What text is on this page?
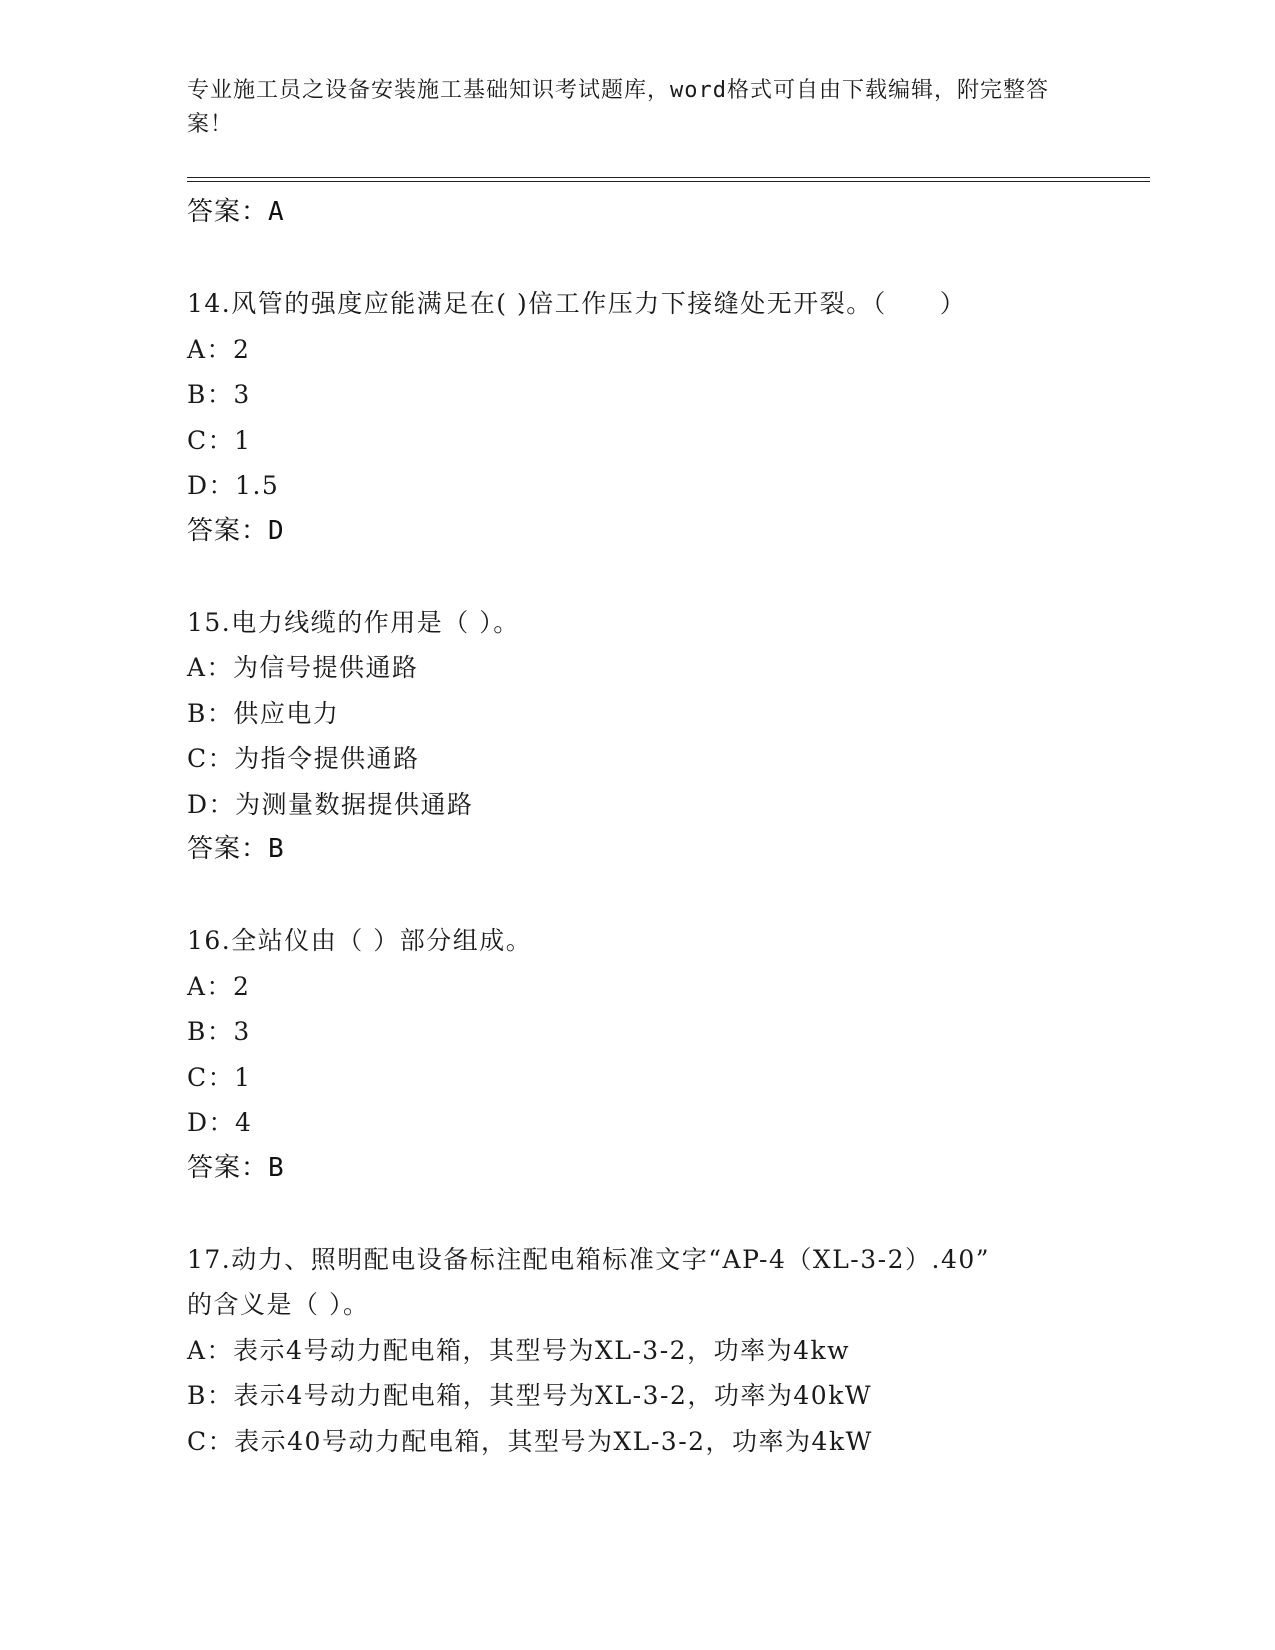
专业施工员之设备安装施工基础知识考试题库，word格式可自由下载编辑，附完整答案！
答案：A
14.风管的强度应能满足在( )倍工作压力下接缝处无开裂。（　　）
A：2
B：3
C：1
D：1.5
答案：D
15.电力线缆的作用是（ ）。
A：为信号提供通路
B：供应电力
C：为指令提供通路
D：为测量数据提供通路
答案：B
16.全站仪由（ ）部分组成。
A：2
B：3
C：1
D：4
答案：B
17.动力、照明配电设备标注配电箱标准文字“AP-4（XL-3-2）.40”
的含义是（ ）。
A：表示4号动力配电箱，其型号为XL-3-2，功率为4kw
B：表示4号动力配电箱，其型号为XL-3-2，功率为40kW
C：表示40号动力配电箱，其型号为XL-3-2，功率为4kW
